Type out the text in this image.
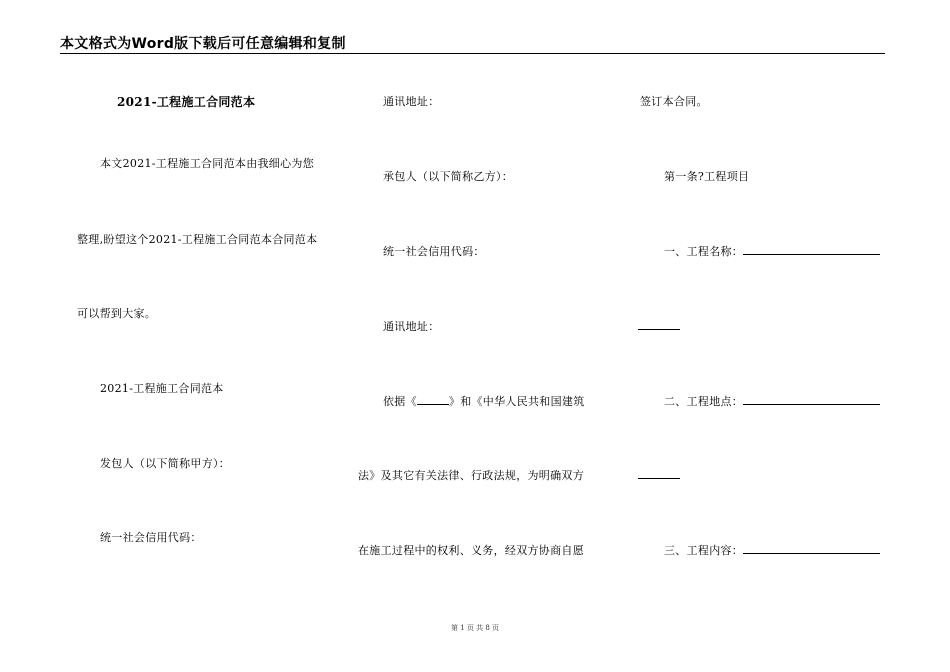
本文格式为Word版下载后可任意编辑和复制
2021-工程施工合同范本
本文2021-工程施工合同范本由我细心为您
整理,盼望这个2021-工程施工合同范本合同范本
可以帮到大家。
2021-工程施工合同范本
发包人（以下简称甲方）：
统一社会信用代码：
通讯地址：
承包人（以下简称乙方）：
统一社会信用代码：
通讯地址：
依据《	》和《中华人民共和国建筑
法》及其它有关法律、行政法规，为明确双方
在施工过程中的权利、义务，经双方协商自愿
签订本合同。
第一条?工程项目
一、工程名称：
二、工程地点：
三、工程内容：
第 1 页 共 8 页
